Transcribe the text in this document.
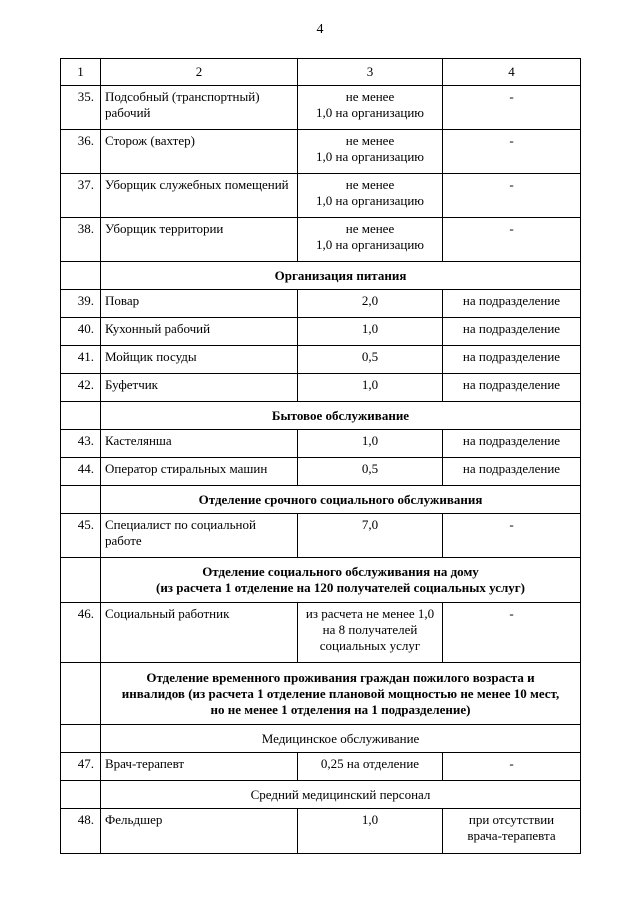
4
1	2	3	4
35.	Подсобный (транспортный) рабочий	не менее
1,0 на организацию	-
36.	Сторож (вахтер)	не менее
1,0 на организацию	-
37.	Уборщик служебных помещений	не менее
1,0 на организацию	-
38.	Уборщик территории	не менее
1,0 на организацию	-
	Организация питания		
39.	Повар	2,0	на подразделение
40.	Кухонный рабочий	1,0	на подразделение
41.	Мойщик посуды	0,5	на подразделение
42.	Буфетчик	1,0	на подразделение
	Бытовое обслуживание		
43.	Кастелянша	1,0	на подразделение
44.	Оператор стиральных машин	0,5	на подразделение
	Отделение срочного социального обслуживания		
45.	Специалист по социальной работе	7,0	-
	Отделение социального обслуживания на дому
(из расчета 1 отделение на 120 получателей социальных услуг)		
46.	Социальный работник	из расчета не менее 1,0
на 8 получателей
социальных услуг	-
	Отделение временного проживания граждан пожилого возраста и
инвалидов (из расчета 1 отделение плановой мощностью не менее 10 мест,
но не менее 1 отделения на 1 подразделение)		
	Медицинское обслуживание		
47.	Врач-терапевт	0,25 на отделение	-
	Средний медицинский персонал		
48.	Фельдшер	1,0	при отсутствии
врача-терапевта
